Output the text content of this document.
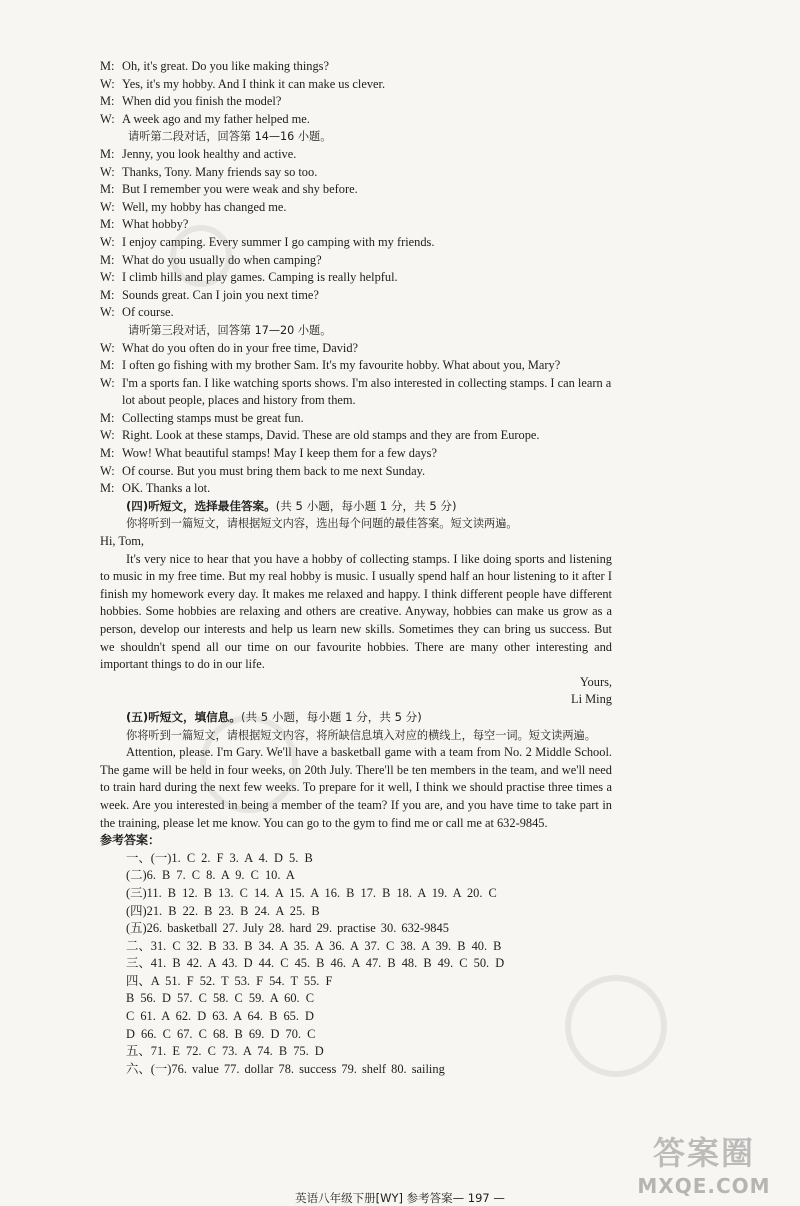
M: Oh, it's great. Do you like making things?
W: Yes, it's my hobby. And I think it can make us clever.
M: When did you finish the model?
W: A week ago and my father helped me.
请听第二段对话，回答第 14—16 小题。
M: Jenny, you look healthy and active.
W: Thanks, Tony. Many friends say so too.
M: But I remember you were weak and shy before.
W: Well, my hobby has changed me.
M: What hobby?
W: I enjoy camping. Every summer I go camping with my friends.
M: What do you usually do when camping?
W: I climb hills and play games. Camping is really helpful.
M: Sounds great. Can I join you next time?
W: Of course.
请听第三段对话，回答第 17—20 小题。
W: What do you often do in your free time, David?
M: I often go fishing with my brother Sam. It's my favourite hobby. What about you, Mary?
W: I'm a sports fan. I like watching sports shows. I'm also interested in collecting stamps. I can learn a lot about people, places and history from them.
M: Collecting stamps must be great fun.
W: Right. Look at these stamps, David. These are old stamps and they are from Europe.
M: Wow! What beautiful stamps! May I keep them for a few days?
W: Of course. But you must bring them back to me next Sunday.
M: OK. Thanks a lot.
(四)听短文，选择最佳答案。(共 5 小题，每小题 1 分，共 5 分)
你将听到一篇短文，请根据短文内容，选出每个问题的最佳答案。短文读两遍。
Hi, Tom,
It's very nice to hear that you have a hobby of collecting stamps. I like doing sports and listening to music in my free time. But my real hobby is music. I usually spend half an hour listening to it after I finish my homework every day. It makes me relaxed and happy. I think different people have different hobbies. Some hobbies are relaxing and others are creative. Anyway, hobbies can make us grow as a person, develop our interests and help us learn new skills. Sometimes they can bring us success. But we shouldn't spend all our time on our favourite hobbies. There are many other interesting and important things to do in our life.
Yours,
Li Ming
(五)听短文，填信息。(共 5 小题，每小题 1 分，共 5 分)
你将听到一篇短文，请根据短文内容，将所缺信息填入对应的横线上，每空一词。短文读两遍。
Attention, please. I'm Gary. We'll have a basketball game with a team from No. 2 Middle School. The game will be held in four weeks, on 20th July. There'll be ten members in the team, and we'll need to train hard during the next few weeks. To prepare for it well, I think we should practise three times a week. Are you interested in being a member of the team? If you are, and you have time to take part in the training, please let me know. You can go to the gym to find me or call me at 632-9845.
参考答案：
一、(一)1. C 2. F 3. A 4. D 5. B
(二)6. B 7. C 8. A 9. C 10. A
(三)11. B 12. B 13. C 14. A 15. A 16. B 17. B 18. A 19. A 20. C
(四)21. B 22. B 23. B 24. A 25. B
(五)26. basketball 27. July 28. hard 29. practise 30. 632-9845
二、31. C 32. B 33. B 34. A 35. A 36. A 37. C 38. A 39. B 40. B
三、41. B 42. A 43. D 44. C 45. B 46. A 47. B 48. B 49. C 50. D
四、A 51. F 52. T 53. F 54. T 55. F
B 56. D 57. C 58. C 59. A 60. C
C 61. A 62. D 63. A 64. B 65. D
D 66. C 67. C 68. B 69. D 70. C
五、71. E 72. C 73. A 74. B 75. D
六、(一)76. value 77. dollar 78. success 79. shelf 80. sailing
答案圈
MXQE.COM
英语八年级下册[WY] 参考答案— 197 —
